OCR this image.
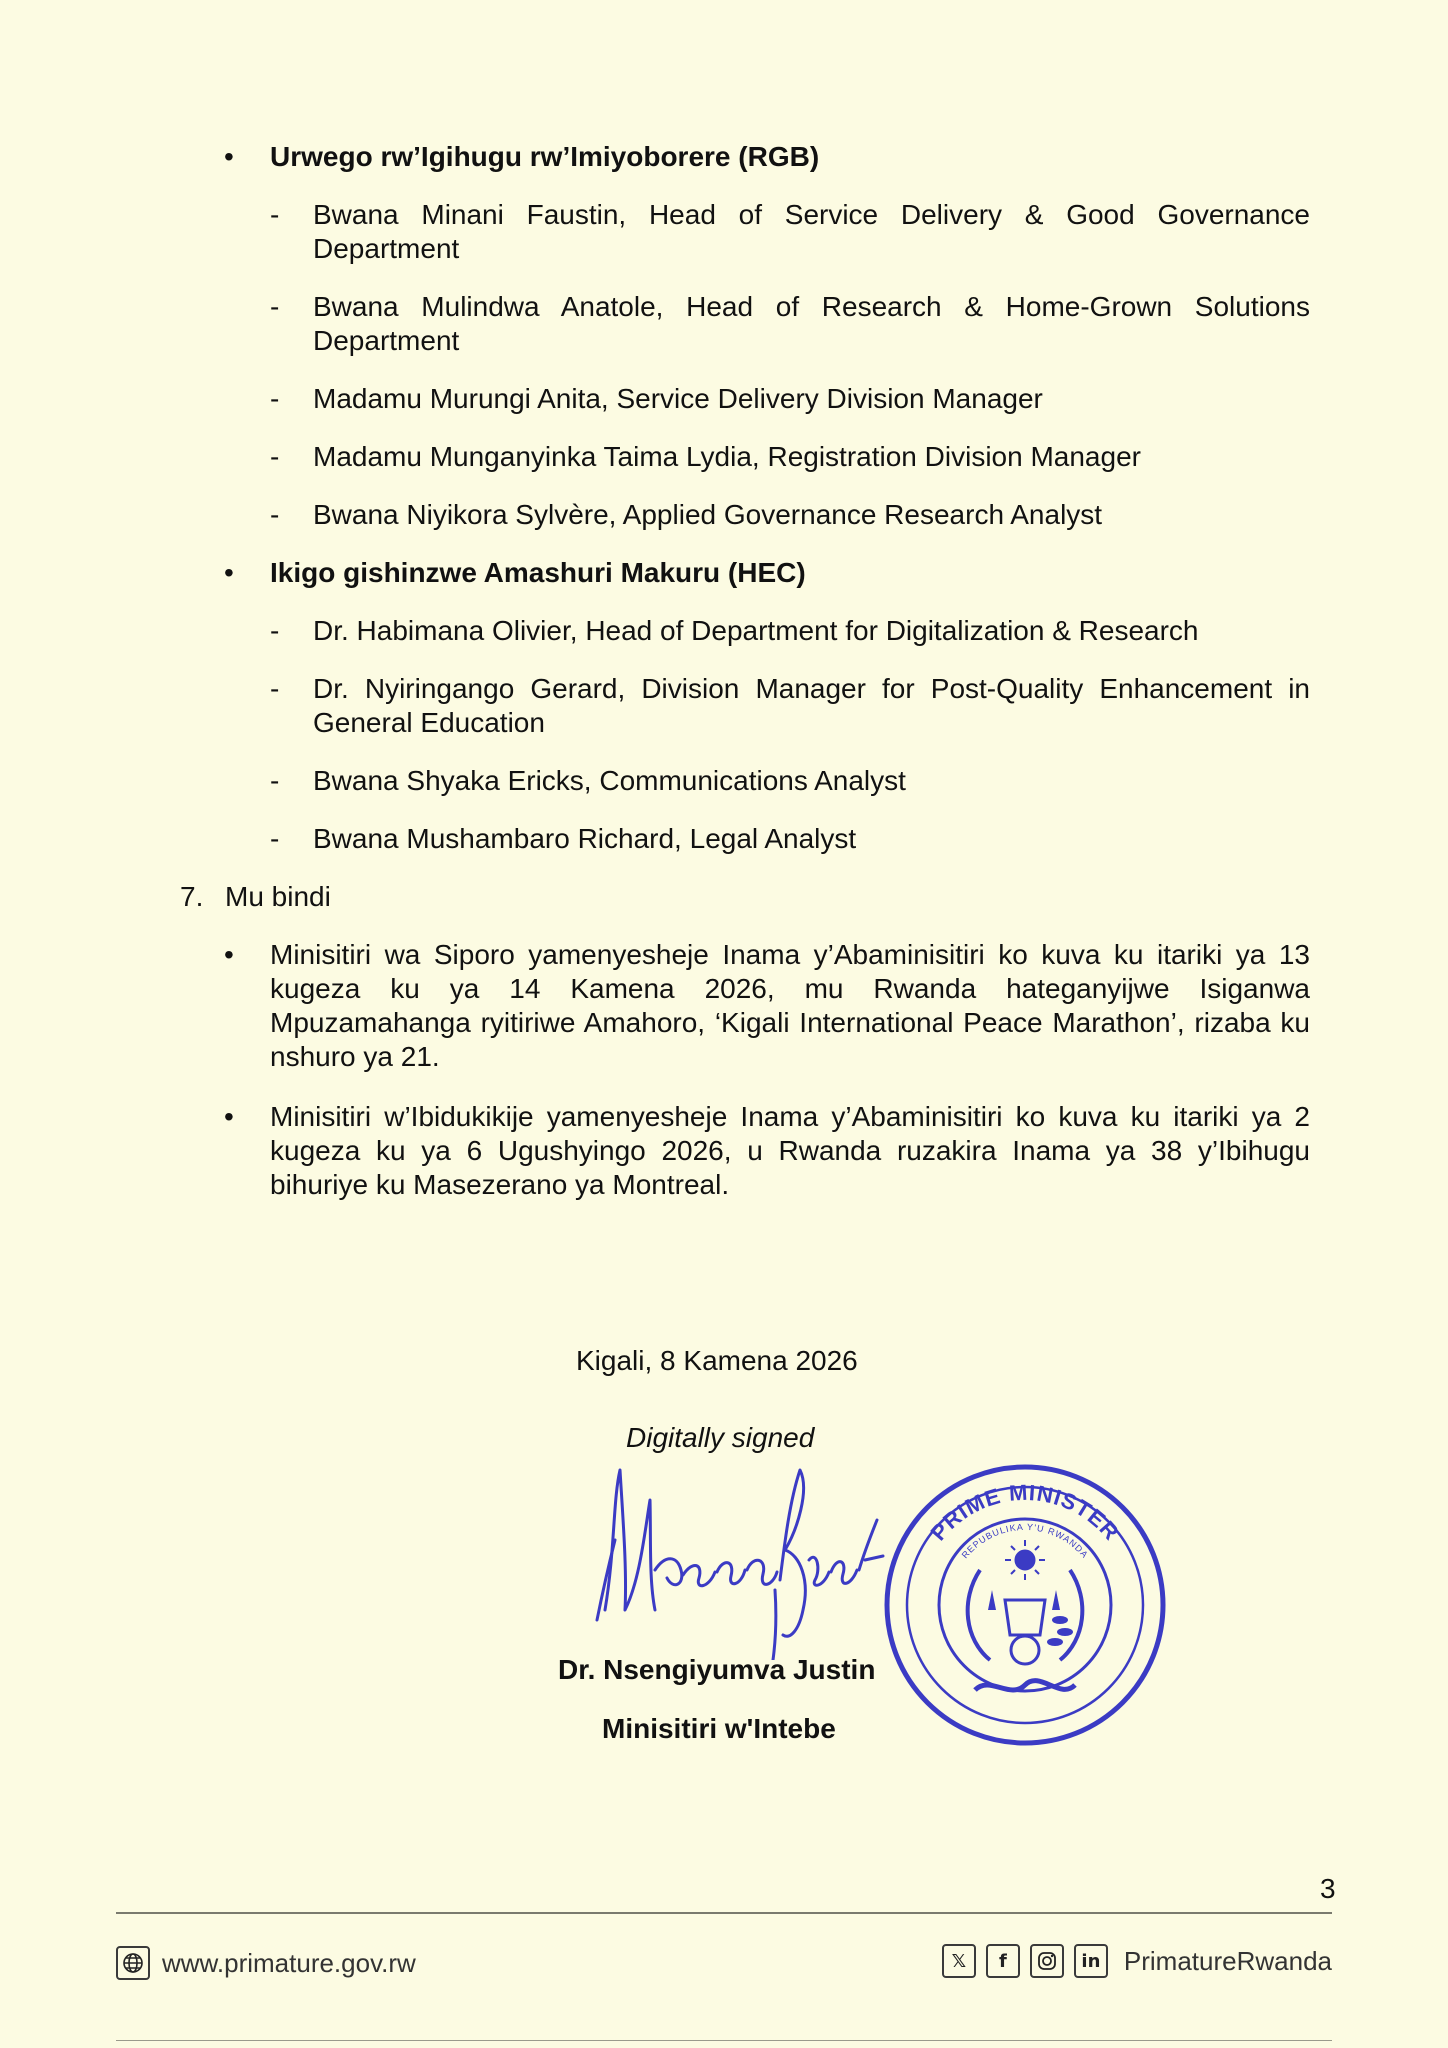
• Urwego rw’Igihugu rw’Imiyoborere (RGB)
- Bwana Minani Faustin, Head of Service Delivery & Good Governance Department
- Bwana Mulindwa Anatole, Head of Research & Home-Grown Solutions Department
- Madamu Murungi Anita, Service Delivery Division Manager
- Madamu Munganyinka Taima Lydia, Registration Division Manager
- Bwana Niyikora Sylvère, Applied Governance Research Analyst
• Ikigo gishinzwe Amashuri Makuru (HEC)
- Dr. Habimana Olivier, Head of Department for Digitalization & Research
- Dr. Nyiringango Gerard, Division Manager for Post-Quality Enhancement in General Education
- Bwana Shyaka Ericks, Communications Analyst
- Bwana Mushambaro Richard, Legal Analyst
7. Mu bindi
• Minisitiri wa Siporo yamenyesheje Inama y’Abaminisitiri ko kuva ku itariki ya 13 kugeza ku ya 14 Kamena 2026, mu Rwanda hateganyijwe Isiganwa Mpuzamahanga ryitiriwe Amahoro, ‘Kigali International Peace Marathon’, rizaba ku nshuro ya 21.
• Minisitiri w’Ibidukikije yamenyesheje Inama y’Abaminisitiri ko kuva ku itariki ya 2 kugeza ku ya 6 Ugushyingo 2026, u Rwanda ruzakira Inama ya 38 y’Ibihugu bihuriye ku Masezerano ya Montreal.
Kigali, 8 Kamena 2026
Digitally signed
PRIME MINISTER
REPUBULIKA Y'U RWANDA
Dr. Nsengiyumva Justin
Minisitiri w'Intebe
3
www.primature.gov.rw	𝕏	f	in PrimatureRwanda
